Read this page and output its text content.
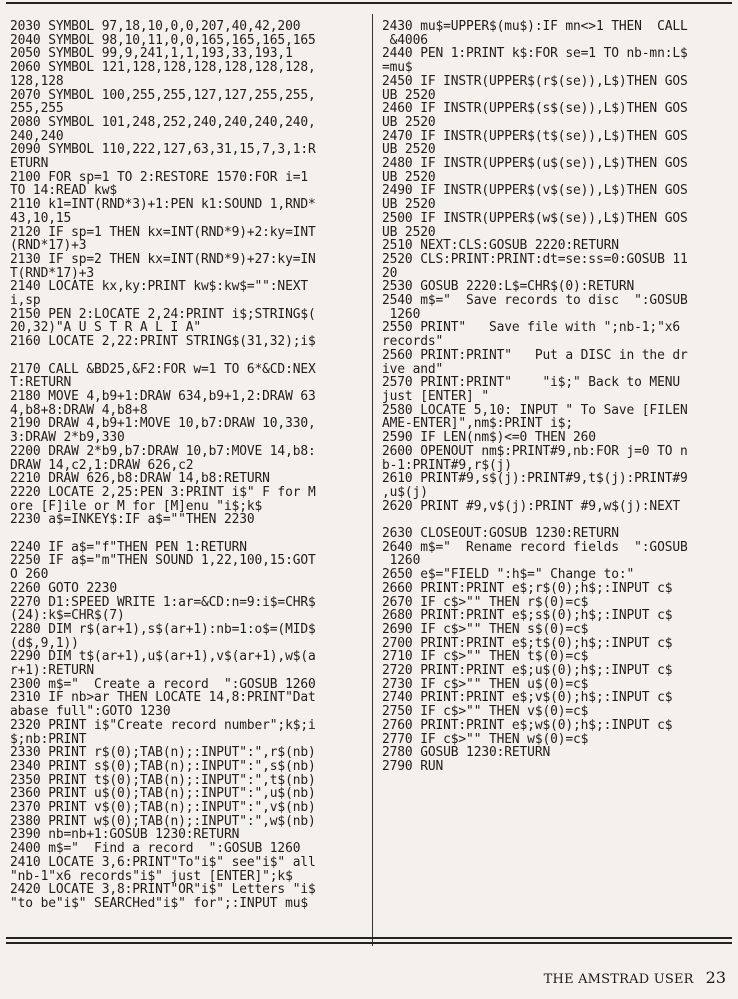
2030 SYMBOL 97,18,10,0,0,207,40,42,200
2040 SYMBOL 98,10,11,0,0,165,165,165,165
2050 SYMBOL 99,9,241,1,1,193,33,193,1
2060 SYMBOL 121,128,128,128,128,128,128,
128,128
2070 SYMBOL 100,255,255,127,127,255,255,
255,255
2080 SYMBOL 101,248,252,240,240,240,240,
240,240
2090 SYMBOL 110,222,127,63,31,15,7,3,1:R
ETURN
2100 FOR sp=1 TO 2:RESTORE 1570:FOR i=1
TO 14:READ kw$
2110 k1=INT(RND*3)+1:PEN k1:SOUND 1,RND*
43,10,15
2120 IF sp=1 THEN kx=INT(RND*9)+2:ky=INT
(RND*17)+3
2130 IF sp=2 THEN kx=INT(RND*9)+27:ky=IN
T(RND*17)+3
2140 LOCATE kx,ky:PRINT kw$:kw$="":NEXT
i,sp
2150 PEN 2:LOCATE 2,24:PRINT i$;STRING$(
20,32)"A U S T R A L I A"
2160 LOCATE 2,22:PRINT STRING$(31,32);i$

2170 CALL &BD25,&F2:FOR w=1 TO 6*&CD:NEX
T:RETURN
2180 MOVE 4,b9+1:DRAW 634,b9+1,2:DRAW 63
4,b8+8:DRAW 4,b8+8
2190 DRAW 4,b9+1:MOVE 10,b7:DRAW 10,330,
3:DRAW 2*b9,330
2200 DRAW 2*b9,b7:DRAW 10,b7:MOVE 14,b8:
DRAW 14,c2,1:DRAW 626,c2
2210 DRAW 626,b8:DRAW 14,b8:RETURN
2220 LOCATE 2,25:PEN 3:PRINT i$" F for M
ore [F]ile or M for [M]enu "i$;k$
2230 a$=INKEY$:IF a$=""THEN 2230

2240 IF a$="f"THEN PEN 1:RETURN
2250 IF a$="m"THEN SOUND 1,22,100,15:GOT
O 260
2260 GOTO 2230
2270 D1:SPEED WRITE 1:ar=&CD:n=9:i$=CHR$
(24):k$=CHR$(7)
2280 DIM r$(ar+1),s$(ar+1):nb=1:o$=(MID$
(d$,9,1))
2290 DIM t$(ar+1),u$(ar+1),v$(ar+1),w$(a
r+1):RETURN
2300 m$="  Create a record  ":GOSUB 1260
2310 IF nb>ar THEN LOCATE 14,8:PRINT"Dat
abase full":GOTO 1230
2320 PRINT i$"Create record number";k$;i
$;nb:PRINT
2330 PRINT r$(0);TAB(n);:INPUT":",r$(nb)
2340 PRINT s$(0);TAB(n);:INPUT":",s$(nb)
2350 PRINT t$(0);TAB(n);:INPUT":",t$(nb)
2360 PRINT u$(0);TAB(n);:INPUT":",u$(nb)
2370 PRINT v$(0);TAB(n);:INPUT":",v$(nb)
2380 PRINT w$(0);TAB(n);:INPUT":",w$(nb)
2390 nb=nb+1:GOSUB 1230:RETURN
2400 m$="  Find a record  ":GOSUB 1260
2410 LOCATE 3,6:PRINT"To"i$" see"i$" all
"nb-1"x6 records"i$" just [ENTER]";k$
2420 LOCATE 3,8:PRINT"OR"i$" Letters "i$
"to be"i$" SEARCHed"i$" for";:INPUT mu$
2430 mu$=UPPER$(mu$):IF mn<>1 THEN  CALL
&4006
2440 PEN 1:PRINT k$:FOR se=1 TO nb-mn:L$
=mu$
2450 IF INSTR(UPPER$(r$(se)),L$)THEN GOS
UB 2520
2460 IF INSTR(UPPER$(s$(se)),L$)THEN GOS
UB 2520
2470 IF INSTR(UPPER$(t$(se)),L$)THEN GOS
UB 2520
2480 IF INSTR(UPPER$(u$(se)),L$)THEN GOS
UB 2520
2490 IF INSTR(UPPER$(v$(se)),L$)THEN GOS
UB 2520
2500 IF INSTR(UPPER$(w$(se)),L$)THEN GOS
UB 2520
2510 NEXT:CLS:GOSUB 2220:RETURN
2520 CLS:PRINT:PRINT:dt=se:ss=0:GOSUB 11
20
2530 GOSUB 2220:L$=CHR$(0):RETURN
2540 m$="  Save records to disc  ":GOSUB
1260
2550 PRINT"   Save file with ";nb-1;"x6
records"
2560 PRINT:PRINT"   Put a DISC in the dr
ive and"
2570 PRINT:PRINT"    "i$;" Back to MENU
just [ENTER] "
2580 LOCATE 5,10: INPUT " To Save [FILEN
AME-ENTER]",nm$:PRINT i$;
2590 IF LEN(nm$)<=0 THEN 260
2600 OPENOUT nm$:PRINT#9,nb:FOR j=0 TO n
b-1:PRINT#9,r$(j)
2610 PRINT#9,s$(j):PRINT#9,t$(j):PRINT#9
,u$(j)
2620 PRINT #9,v$(j):PRINT #9,w$(j):NEXT

2630 CLOSEOUT:GOSUB 1230:RETURN
2640 m$="  Rename record fields  ":GOSUB
1260
2650 e$="FIELD ":h$=" Change to:"
2660 PRINT:PRINT e$;r$(0);h$;:INPUT c$
2670 IF c$>"" THEN r$(0)=c$
2680 PRINT:PRINT e$;s$(0);h$;:INPUT c$
2690 IF c$>"" THEN s$(0)=c$
2700 PRINT:PRINT e$;t$(0);h$;:INPUT c$
2710 IF c$>"" THEN t$(0)=c$
2720 PRINT:PRINT e$;u$(0);h$;:INPUT c$
2730 IF c$>"" THEN u$(0)=c$
2740 PRINT:PRINT e$;v$(0);h$;:INPUT c$
2750 IF c$>"" THEN v$(0)=c$
2760 PRINT:PRINT e$;w$(0);h$;:INPUT c$
2770 IF c$>"" THEN w$(0)=c$
2780 GOSUB 1230:RETURN
2790 RUN
THE AMSTRAD USER 23
